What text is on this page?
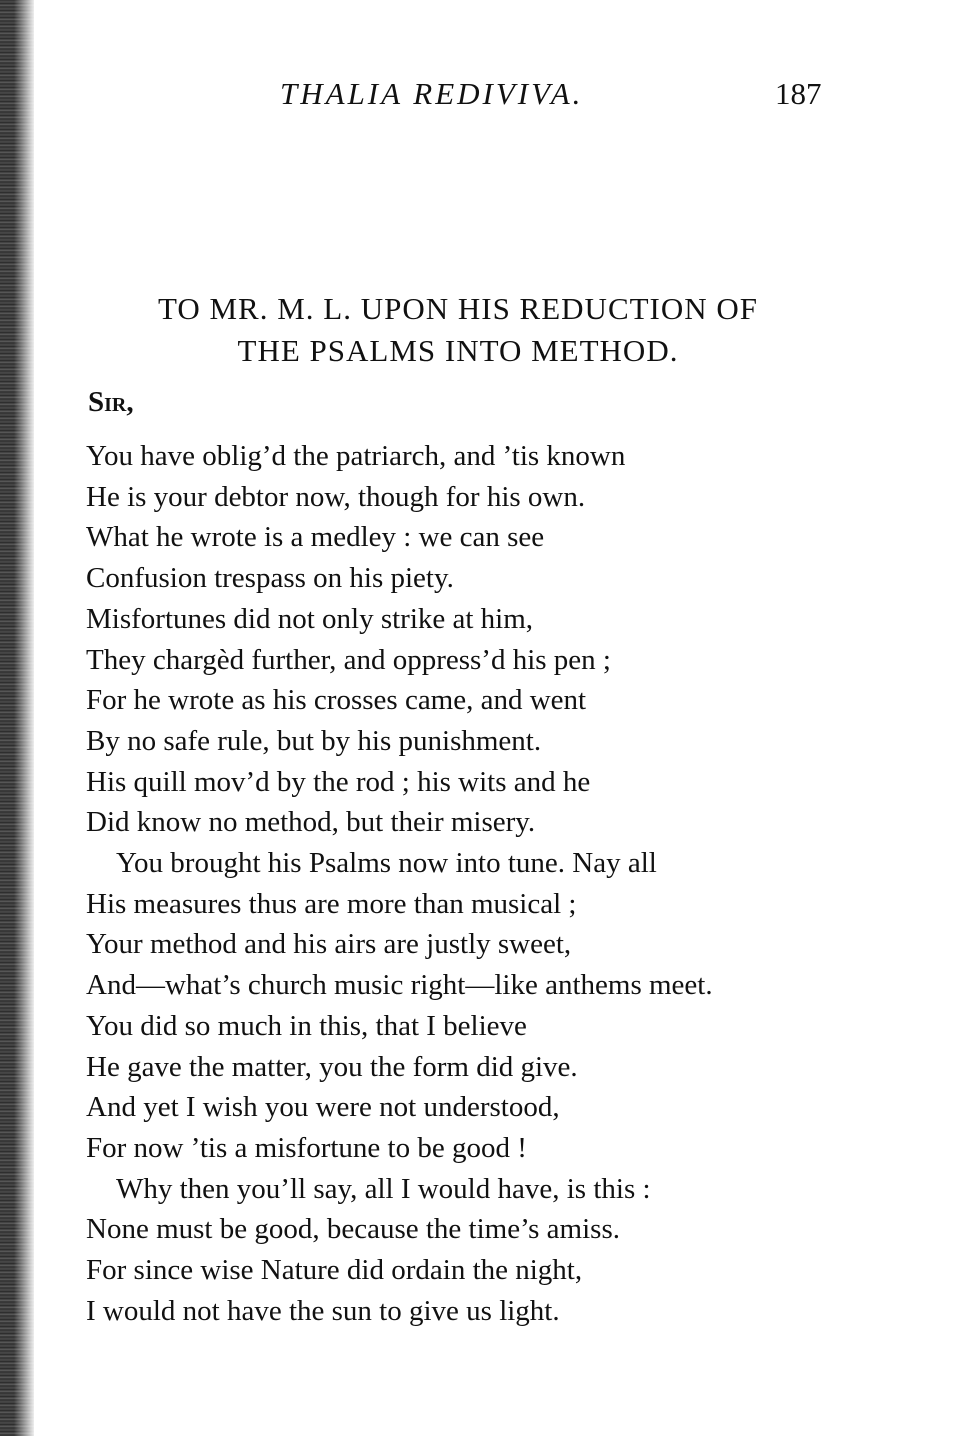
THALIA REDIVIVA.	187
TO MR. M. L. UPON HIS REDUCTION OF
THE PSALMS INTO METHOD.
Sir,
You have oblig’d the patriarch, and ’tis known
He is your debtor now, though for his own.
What he wrote is a medley : we can see
Confusion trespass on his piety.
Misfortunes did not only strike at him,
They chargèd further, and oppress’d his pen ;
For he wrote as his crosses came, and went
By no safe rule, but by his punishment.
His quill mov’d by the rod ; his wits and he
Did know no method, but their misery.
You brought his Psalms now into tune. Nay all
His measures thus are more than musical ;
Your method and his airs are justly sweet,
And—what’s church music right—like anthems meet.
You did so much in this, that I believe
He gave the matter, you the form did give.
And yet I wish you were not understood,
For now ’tis a misfortune to be good !
Why then you’ll say, all I would have, is this :
None must be good, because the time’s amiss.
For since wise Nature did ordain the night,
I would not have the sun to give us light.
